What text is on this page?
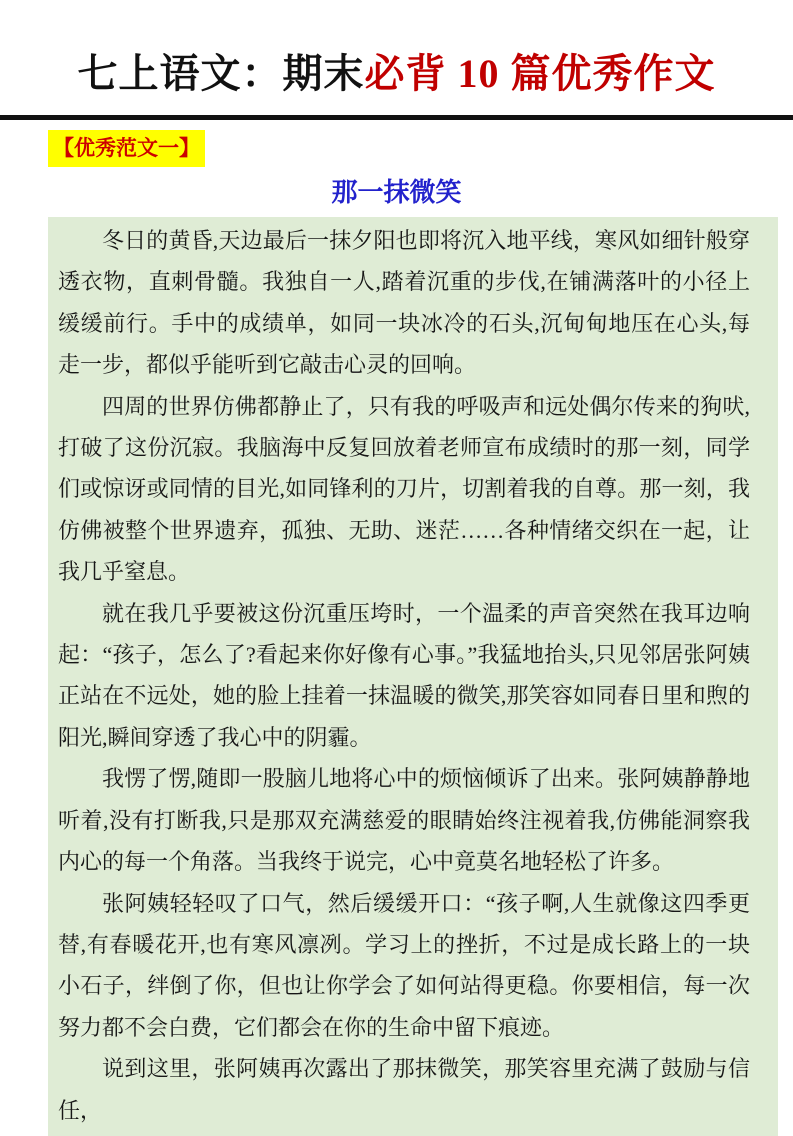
七上语文：期末必背 10 篇优秀作文
【优秀范文一】
那一抹微笑

冬日的黄昏,天边最后一抹夕阳也即将沉入地平线，寒风如细针般穿透衣物，直刺骨髓。我独自一人,踏着沉重的步伐,在铺满落叶的小径上缓缓前行。手中的成绩单，如同一块冰冷的石头,沉甸甸地压在心头,每走一步，都似乎能听到它敲击心灵的回响。

四周的世界仿佛都静止了，只有我的呼吸声和远处偶尔传来的狗吠,打破了这份沉寂。我脑海中反复回放着老师宣布成绩时的那一刻，同学们或惊讶或同情的目光,如同锋利的刀片，切割着我的自尊。那一刻，我仿佛被整个世界遗弃，孤独、无助、迷茫……各种情绪交织在一起，让我几乎窒息。

就在我几乎要被这份沉重压垮时，一个温柔的声音突然在我耳边响起：“孩子，怎么了?看起来你好像有心事。”我猛地抬头,只见邻居张阿姨正站在不远处，她的脸上挂着一抹温暖的微笑,那笑容如同春日里和煦的阳光,瞬间穿透了我心中的阴霾。

我愣了愣,随即一股脑儿地将心中的烦恼倾诉了出来。张阿姨静静地听着,没有打断我,只是那双充满慈爱的眼睛始终注视着我,仿佛能洞察我内心的每一个角落。当我终于说完，心中竟莫名地轻松了许多。

张阿姨轻轻叹了口气，然后缓缓开口：“孩子啊,人生就像这四季更替,有春暖花开,也有寒风凛冽。学习上的挫折，不过是成长路上的一块小石子，绊倒了你，但也让你学会了如何站得更稳。你要相信，每一次努力都不会白费，它们都会在你的生命中留下痕迹。

说到这里，张阿姨再次露出了那抹微笑，那笑容里充满了鼓励与信任，
